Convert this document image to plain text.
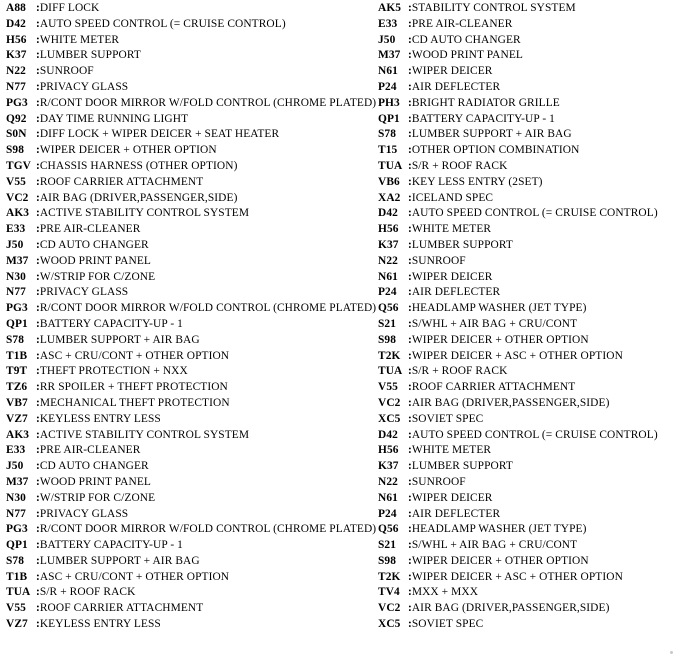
A88 :DIFF LOCK
D42 :AUTO SPEED CONTROL (= CRUISE CONTROL)
H56 :WHITE METER
K37 :LUMBER SUPPORT
N22 :SUNROOF
N77 :PRIVACY GLASS
PG3 :R/CONT DOOR MIRROR W/FOLD CONTROL (CHROME PLATED)
Q92 :DAY TIME RUNNING LIGHT
S0N :DIFF LOCK + WIPER DEICER + SEAT HEATER
S98 :WIPER DEICER + OTHER OPTION
TGV :CHASSIS HARNESS (OTHER OPTION)
V55 :ROOF CARRIER ATTACHMENT
VC2 :AIR BAG (DRIVER,PASSENGER,SIDE)
AK3 :ACTIVE STABILITY CONTROL SYSTEM
E33 :PRE AIR-CLEANER
J50 :CD AUTO CHANGER
M37 :WOOD PRINT PANEL
N30 :W/STRIP FOR C/ZONE
N77 :PRIVACY GLASS
PG3 :R/CONT DOOR MIRROR W/FOLD CONTROL (CHROME PLATED)
QP1 :BATTERY CAPACITY-UP - 1
S78 :LUMBER SUPPORT + AIR BAG
T1B :ASC + CRU/CONT + OTHER OPTION
T9T :THEFT PROTECTION + NXX
TZ6 :RR SPOILER + THEFT PROTECTION
VB7 :MECHANICAL THEFT PROTECTION
VZ7 :KEYLESS ENTRY LESS
AK3 :ACTIVE STABILITY CONTROL SYSTEM
E33 :PRE AIR-CLEANER
J50 :CD AUTO CHANGER
M37 :WOOD PRINT PANEL
N30 :W/STRIP FOR C/ZONE
N77 :PRIVACY GLASS
PG3 :R/CONT DOOR MIRROR W/FOLD CONTROL (CHROME PLATED)
QP1 :BATTERY CAPACITY-UP - 1
S78 :LUMBER SUPPORT + AIR BAG
T1B :ASC + CRU/CONT + OTHER OPTION
TUA :S/R + ROOF RACK
V55 :ROOF CARRIER ATTACHMENT
VZ7 :KEYLESS ENTRY LESS
AK5 :STABILITY CONTROL SYSTEM
E33 :PRE AIR-CLEANER
J50 :CD AUTO CHANGER
M37 :WOOD PRINT PANEL
N61 :WIPER DEICER
P24 :AIR DEFLECTER
PH3 :BRIGHT RADIATOR GRILLE
QP1 :BATTERY CAPACITY-UP - 1
S78 :LUMBER SUPPORT + AIR BAG
T15 :OTHER OPTION COMBINATION
TUA :S/R + ROOF RACK
VB6 :KEY LESS ENTRY (2SET)
XA2 :ICELAND SPEC
D42 :AUTO SPEED CONTROL (= CRUISE CONTROL)
H56 :WHITE METER
K37 :LUMBER SUPPORT
N22 :SUNROOF
N61 :WIPER DEICER
P24 :AIR DEFLECTER
Q56 :HEADLAMP WASHER (JET TYPE)
S21 :S/WHL + AIR BAG + CRU/CONT
S98 :WIPER DEICER + OTHER OPTION
T2K :WIPER DEICER + ASC + OTHER OPTION
TUA :S/R + ROOF RACK
V55 :ROOF CARRIER ATTACHMENT
VC2 :AIR BAG (DRIVER,PASSENGER,SIDE)
XC5 :SOVIET SPEC
D42 :AUTO SPEED CONTROL (= CRUISE CONTROL)
H56 :WHITE METER
K37 :LUMBER SUPPORT
N22 :SUNROOF
N61 :WIPER DEICER
P24 :AIR DEFLECTER
Q56 :HEADLAMP WASHER (JET TYPE)
S21 :S/WHL + AIR BAG + CRU/CONT
S98 :WIPER DEICER + OTHER OPTION
T2K :WIPER DEICER + ASC + OTHER OPTION
TV4 :MXX + MXX
VC2 :AIR BAG (DRIVER,PASSENGER,SIDE)
XC5 :SOVIET SPEC
